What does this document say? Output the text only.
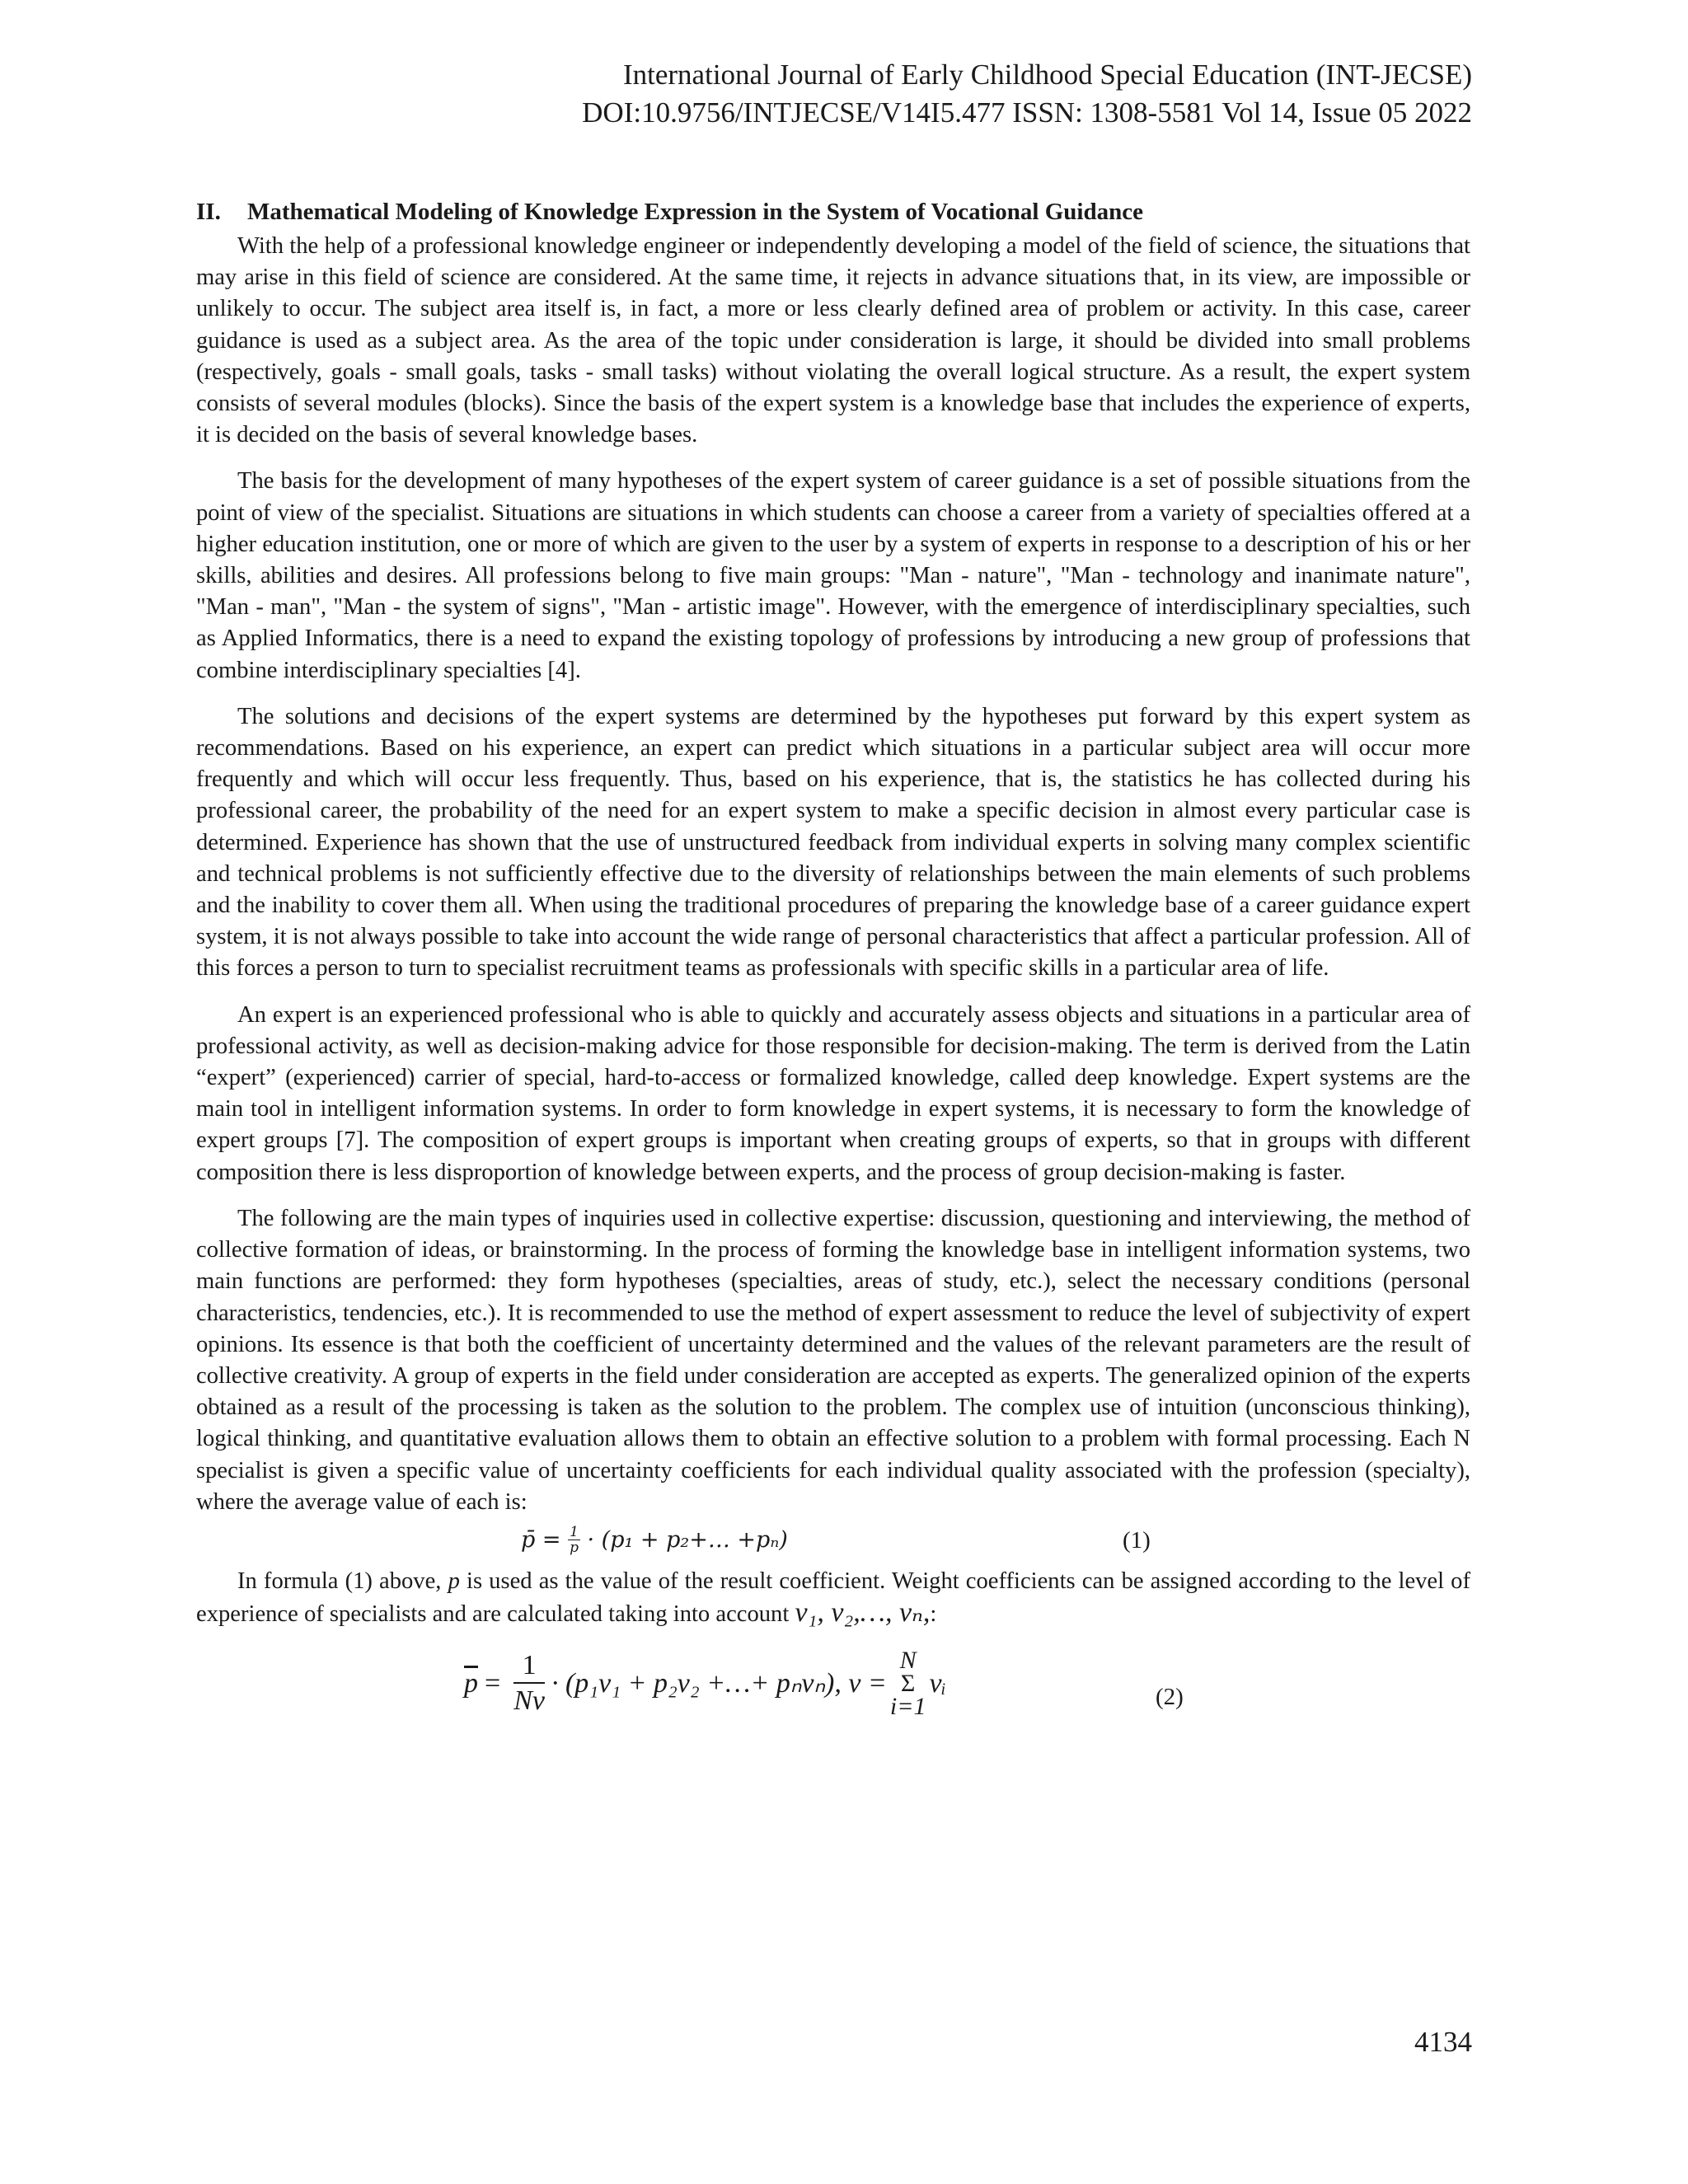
International Journal of Early Childhood Special Education (INT-JECSE)
DOI:10.9756/INTJECSE/V14I5.477 ISSN: 1308-5581 Vol 14, Issue 05 2022
II. Mathematical Modeling of Knowledge Expression in the System of Vocational Guidance

With the help of a professional knowledge engineer or independently developing a model of the field of science, the situations that may arise in this field of science are considered. At the same time, it rejects in advance situations that, in its view, are impossible or unlikely to occur. The subject area itself is, in fact, a more or less clearly defined area of problem or activity. In this case, career guidance is used as a subject area. As the area of the topic under consideration is large, it should be divided into small problems (respectively, goals - small goals, tasks - small tasks) without violating the overall logical structure. As a result, the expert system consists of several modules (blocks). Since the basis of the expert system is a knowledge base that includes the experience of experts, it is decided on the basis of several knowledge bases.

The basis for the development of many hypotheses of the expert system of career guidance is a set of possible situations from the point of view of the specialist. Situations are situations in which students can choose a career from a variety of specialties offered at a higher education institution, one or more of which are given to the user by a system of experts in response to a description of his or her skills, abilities and desires. All professions belong to five main groups: "Man - nature", "Man - technology and inanimate nature", "Man - man", "Man - the system of signs", "Man - artistic image". However, with the emergence of interdisciplinary specialties, such as Applied Informatics, there is a need to expand the existing topology of professions by introducing a new group of professions that combine interdisciplinary specialties [4].

The solutions and decisions of the expert systems are determined by the hypotheses put forward by this expert system as recommendations. Based on his experience, an expert can predict which situations in a particular subject area will occur more frequently and which will occur less frequently. Thus, based on his experience, that is, the statistics he has collected during his professional career, the probability of the need for an expert system to make a specific decision in almost every particular case is determined. Experience has shown that the use of unstructured feedback from individual experts in solving many complex scientific and technical problems is not sufficiently effective due to the diversity of relationships between the main elements of such problems and the inability to cover them all. When using the traditional procedures of preparing the knowledge base of a career guidance expert system, it is not always possible to take into account the wide range of personal characteristics that affect a particular profession. All of this forces a person to turn to specialist recruitment teams as professionals with specific skills in a particular area of life.

An expert is an experienced professional who is able to quickly and accurately assess objects and situations in a particular area of professional activity, as well as decision-making advice for those responsible for decision-making. The term is derived from the Latin “expert” (experienced) carrier of special, hard-to-access or formalized knowledge, called deep knowledge. Expert systems are the main tool in intelligent information systems. In order to form knowledge in expert systems, it is necessary to form the knowledge of expert groups [7]. The composition of expert groups is important when creating groups of experts, so that in groups with different composition there is less disproportion of knowledge between experts, and the process of group decision-making is faster.

The following are the main types of inquiries used in collective expertise: discussion, questioning and interviewing, the method of collective formation of ideas, or brainstorming. In the process of forming the knowledge base in intelligent information systems, two main functions are performed: they form hypotheses (specialties, areas of study, etc.), select the necessary conditions (personal characteristics, tendencies, etc.). It is recommended to use the method of expert assessment to reduce the level of subjectivity of expert opinions. Its essence is that both the coefficient of uncertainty determined and the values of the relevant parameters are the result of collective creativity. A group of experts in the field under consideration are accepted as experts. The generalized opinion of the experts obtained as a result of the processing is taken as the solution to the problem. The complex use of intuition (unconscious thinking), logical thinking, and quantitative evaluation allows them to obtain an effective solution to a problem with formal processing. Each N specialist is given a specific value of uncertainty coefficients for each individual quality associated with the profession (specialty), where the average value of each is:

p̄ = $\frac{1}{p} \cdot (p_1$ + p₂+… +pₙ)	(1)

In formula (1) above, p is used as the value of the result coefficient. Weight coefficients can be assigned according to the level of experience of specialists and are calculated taking into account v₁, v₂,…, vₙ,:

$\overline{p} = \frac{1}{Nv} \cdot (p_1v_1 + p_2v_2$ +…+ pₙvₙ), v =
N
Σ
i=1
vᵢ	(2)
4134
